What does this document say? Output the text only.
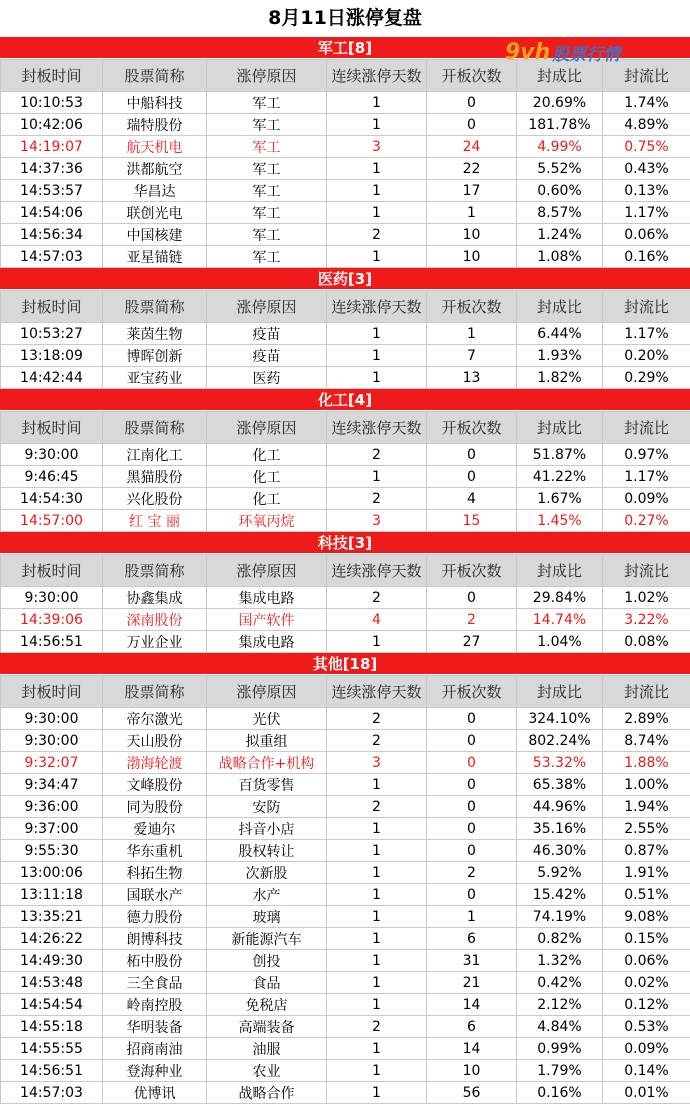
8月11日涨停复盘
军工[8]
封板时间	股票简称	涨停原因	连续涨停天数	开板次数	封成比	封流比
10:10:53	中船科技	军工	1	0	20.69%	1.74%
10:42:06	瑞特股份	军工	1	0	181.78%	4.89%
14:19:07	航天机电	军工	3	24	4.99%	0.75%
14:37:36	洪都航空	军工	1	22	5.52%	0.43%
14:53:57	华昌达	军工	1	17	0.60%	0.13%
14:54:06	联创光电	军工	1	1	8.57%	1.17%
14:56:34	中国核建	军工	2	10	1.24%	0.06%
14:57:03	亚星锚链	军工	1	10	1.08%	0.16%
医药[3]
封板时间	股票简称	涨停原因	连续涨停天数	开板次数	封成比	封流比
10:53:27	莱茵生物	疫苗	1	1	6.44%	1.17%
13:18:09	博晖创新	疫苗	1	7	1.93%	0.20%
14:42:44	亚宝药业	医药	1	13	1.82%	0.29%
化工[4]
封板时间	股票简称	涨停原因	连续涨停天数	开板次数	封成比	封流比
9:30:00	江南化工	化工	2	0	51.87%	0.97%
9:46:45	黑猫股份	化工	1	0	41.22%	1.17%
14:54:30	兴化股份	化工	2	4	1.67%	0.09%
14:57:00	红 宝 丽	环氧丙烷	3	15	1.45%	0.27%
科技[3]
封板时间	股票简称	涨停原因	连续涨停天数	开板次数	封成比	封流比
9:30:00	协鑫集成	集成电路	2	0	29.84%	1.02%
14:39:06	深南股份	国产软件	4	2	14.74%	3.22%
14:56:51	万业企业	集成电路	1	27	1.04%	0.08%
其他[18]
封板时间	股票简称	涨停原因	连续涨停天数	开板次数	封成比	封流比
9:30:00	帝尔激光	光伏	2	0	324.10%	2.89%
9:30:00	天山股份	拟重组	2	0	802.24%	8.74%
9:32:07	渤海轮渡	战略合作+机构	3	0	53.32%	1.88%
9:34:47	文峰股份	百货零售	1	0	65.38%	1.00%
9:36:00	同为股份	安防	2	0	44.96%	1.94%
9:37:00	爱迪尔	抖音小店	1	0	35.16%	2.55%
9:55:30	华东重机	股权转让	1	0	46.30%	0.87%
13:00:06	科拓生物	次新股	1	2	5.92%	1.91%
13:11:18	国联水产	水产	1	0	15.42%	0.51%
13:35:21	德力股份	玻璃	1	1	74.19%	9.08%
14:26:22	朗博科技	新能源汽车	1	6	0.82%	0.15%
14:49:30	柘中股份	创投	1	31	1.32%	0.06%
14:53:48	三全食品	食品	1	21	0.42%	0.02%
14:54:54	岭南控股	免税店	1	14	2.12%	0.12%
14:55:18	华明装备	高端装备	2	6	4.84%	0.53%
14:55:55	招商南油	油服	1	14	0.99%	0.09%
14:56:51	登海种业	农业	1	10	1.79%	0.14%
14:57:03	优博讯	战略合作	1	56	0.16%	0.01%
9vh 股票行情
